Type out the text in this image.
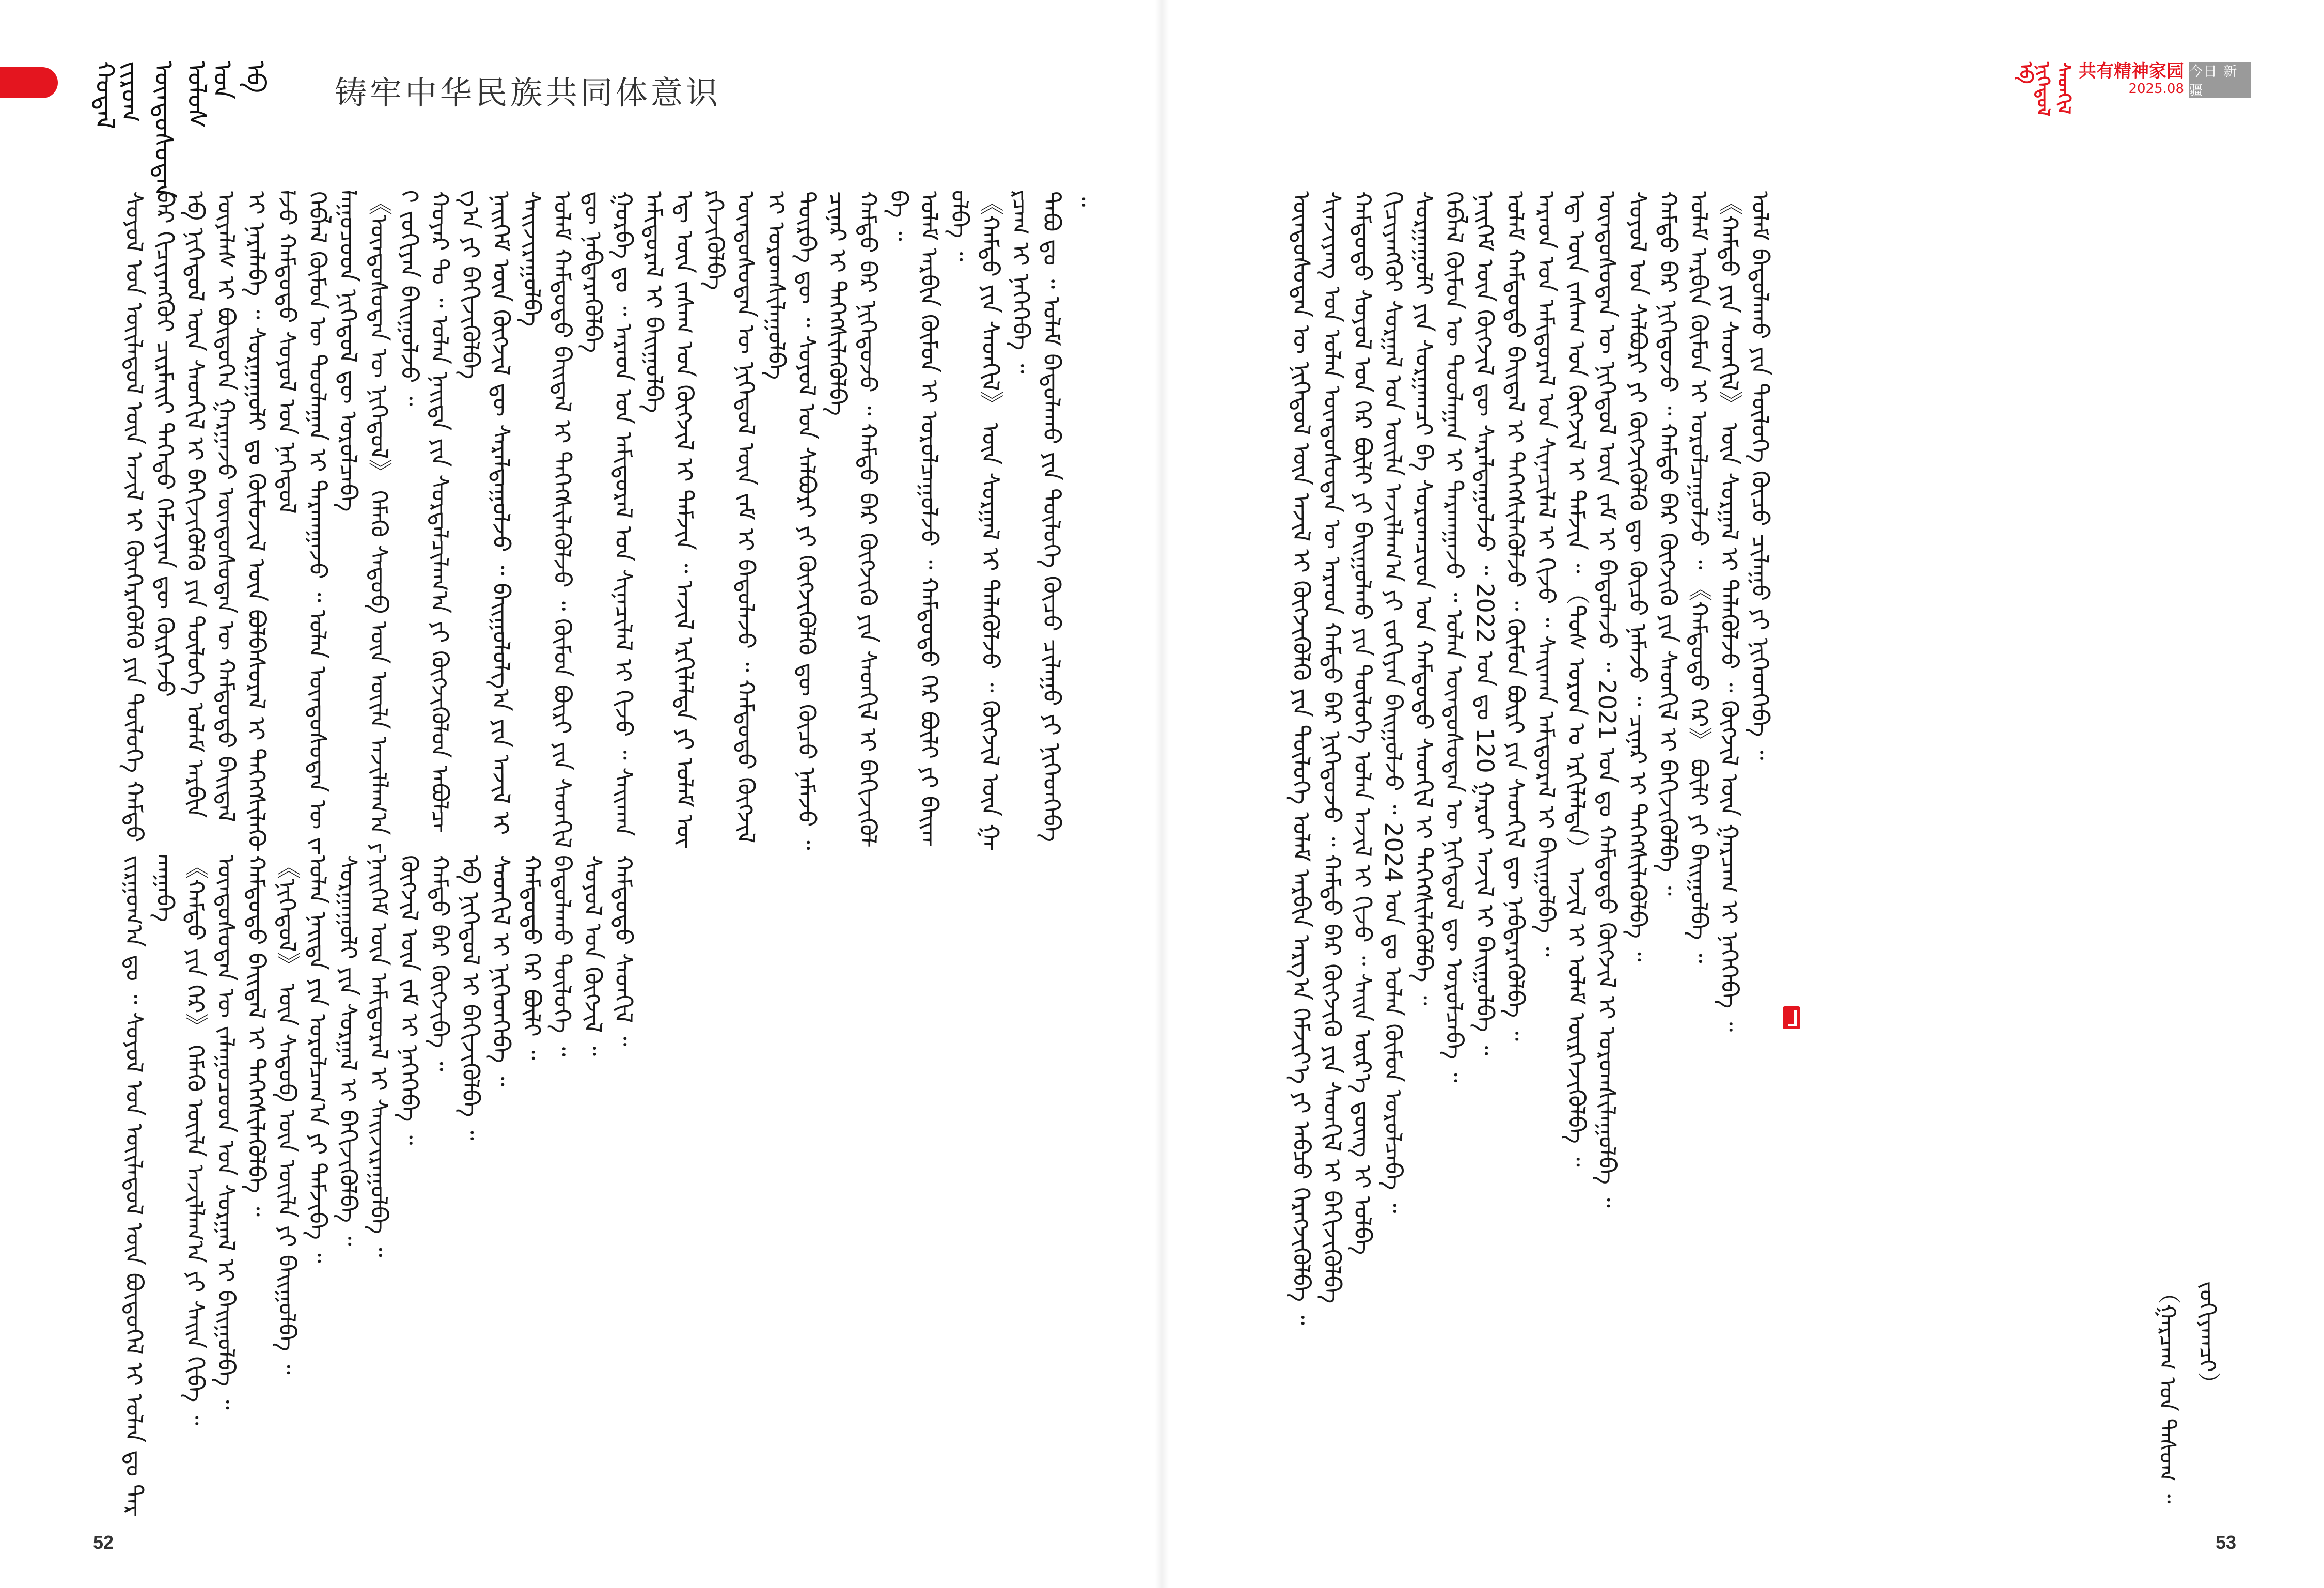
ᠬᠤᠳᠠᠯ ᠵᠢᠷᠤᠭ ᠦᠨᠳᠦᠰᠦᠲᠡᠨ ᠤᠯᠤᠰ ᠤᠨ ᠡᠪ 铸牢中华民族共同体意识
ᠡᠪ ᠨᠢᠭᠡᠳᠦᠯ ᠰᠡᠳᠬᠢᠯ 共有精神家园
2025.08
今日 新疆
ᠰᠤᠶᠤᠯ ᠤᠨ ᠦᠢᠯᠡᠳᠦᠯ ᠦᠨ ᠠᠵᠢᠯ ᠢ ᠭᠦᠨᠭᠡᠷᠡᠭᠦᠯᠬᠦ ᠶᠢᠨ ᠲᠥᠯᠥᠭᠡ ᠬᠠᠮᠲᠤ ᠪᠠᠷ ᠬᠢᠴᠢᠶᠡᠩᠭᠦᠢ ᠴᠢᠷᠮᠠᠢᠢ ᠳᠡᠭᠡᠳᠦ ᠬᠡᠮᠵᠢᠶᠡᠨ ᠳᠦ ᠬᠦᠷᠭᠡᠵᠦ ᠡᠪ ᠨᠢᠭᠡᠳᠦᠯ ᠦᠨ ᠰᠡᠳᠬᠢᠯ ᠢ ᠪᠡᠬᠢᠵᠢᠭᠦᠯᠬᠦ ᠶᠢᠨ ᠲᠥᠯᠥᠭᠡ ᠤᠯᠠᠮ ᠠᠷᠪᠢᠨ ᠦᠶᠡᠯᠡᠰ ᠢ ᠪᠦᠲᠦᠭᠡᠨ ᠭᠠᠷᠭᠠᠵᠤ ᠦᠨᠳᠦᠰᠦᠲᠡᠨ ᠦ ᠬᠠᠮᠲᠤᠳᠤ ᠪᠠᠢᠳᠠᠯ ᠢ ᠨᠡᠷᠡᠯᠡᠪᠡ ᠃ ᠰᠤᠷᠭᠠᠭᠤᠯᠢ ᠳᠤ ᠬᠦᠮᠦᠵᠢᠯ ᠦᠨ ᠪᠣᠯᠪᠠᠰᠤᠷᠠᠯ ᠢ ᠳᠡᠭᠡᠭᠰᠢᠯᠡᠭᠦᠯᠵᠦ ᠬᠠᠮᠲᠤᠳᠤ ᠰᠣᠶᠣᠯ ᠤᠨ ᠨᠡᠭᠡᠳᠦᠯ ᠬᠡᠪᠯᠡᠯ ᠬᠦᠮᠦᠨ ᠦ ᠳᠤᠤᠯᠠᠭᠠᠨ ᠢ ᠲᠠᠷᠬᠠᠭᠠᠵᠤ ᠃ ᠣᠯᠠᠨ ᠦᠨᠳᠦᠰᠦᠲᠡᠨ ᠦ ᠵᠠᠯᠠᠭᠤᠴᠤᠳ ᠨᠢᠭᠡᠳᠦᠯ ᠳᠦ ᠣᠷᠣᠯᠴᠠᠪᠠ 《ᠦᠨᠳᠦᠰᠦᠲᠡᠨ ᠦ ᠨᠢᠭᠡᠳᠦᠯ》 ᠬᠡᠮᠡᠬᠦ ᠰᠡᠳᠦᠪ ᠦᠨ ᠦᠢᠯᠡ ᠠᠵᠢᠯᠯᠠᠭ᠎ᠠ ᠶᠢ ᠵᠣᠬᠢᠶᠠᠨ ᠪᠠᠢᠭᠤᠯᠵᠤ ᠃ ᠬᠣᠶᠠᠷ ᠲᠤ ᠃ ᠣᠯᠠᠨ ᠨᠡᠢᠲᠡ ᠶᠢᠨ ᠰᠤᠷᠲᠠᠯᠴᠢᠯᠠᠭ᠎ᠠ ᠶᠢ ᠬᠥᠭᠵᠢᠭᠦᠯᠦᠨ ᠠᠪᠤᠯᠴᠠᠭ᠎ᠠ ᠶᠢ ᠪᠡᠬᠢᠵᠢᠭᠦᠯᠪᠡ ᠨᠡᠢᠭᠡᠮ ᠦᠨ ᠬᠥᠭᠵᠢᠯ ᠳᠦ ᠰᠠᠷᠠᠯᠳᠠᠭᠤᠯᠵᠤ ᠃ ᠪᠠᠢᠭᠤᠯᠤᠯᠭ᠎ᠠ ᠶᠢᠨ ᠠᠵᠢᠯ ᠢ ᠰᠠᠢᠵᠢᠷᠠᠭᠤᠯᠪᠠ ᠤᠯᠠᠮ ᠬᠠᠮᠲᠤᠳᠤ ᠪᠠᠢᠳᠠᠯ ᠢ ᠳᠡᠭᠡᠭᠰᠢᠯᠡᠭᠦᠯᠵᠦ ᠃ ᠬᠦᠮᠦᠨ ᠪᠦᠷᠢ ᠶᠢᠨ ᠰᠡᠳᠬᠢᠯ ᠳᠦ ᠨᠡᠪᠲᠡᠷᠡᠭᠦᠯᠪᠡ ᠭᠤᠷᠪᠠ ᠳᠤ ᠃ ᠠᠷᠠᠳ ᠤᠨ ᠠᠮᠢᠳᠤᠷᠠᠯ ᠤᠨ ᠰᠢᠨᠡᠴᠢᠯᠡᠯ ᠢ ᠬᠢᠵᠦ ᠃ ᠰᠠᠢᠬᠠᠨ ᠠᠮᠢᠳᠤᠷᠠᠯ ᠢ ᠪᠠᠢᠭᠤᠯᠪᠠ ᠡᠳ᠋ ᠦᠨ ᠵᠠᠰᠠᠭ ᠤᠨ ᠬᠥᠭᠵᠢᠯ ᠢ ᠳᠡᠮᠵᠢᠨ ᠃ ᠠᠵᠢᠯ ᠡᠷᠬᠢᠯᠡᠯᠲᠡ ᠶᠢ ᠤᠯᠠᠮ ᠥᠷᠭᠡᠵᠢᠭᠦᠯᠪᠡ ᠦᠨᠳᠦᠰᠦᠲᠡᠨ ᠦ ᠨᠢᠭᠡᠳᠦᠯ ᠦᠨ ᠵᠠᠮ ᠢ ᠪᠠᠲᠤᠯᠠᠵᠤ ᠃ ᠬᠠᠮᠲᠤᠳᠤ ᠬᠥᠭᠵᠢᠯ ᠢ ᠤᠷᠤᠭᠰᠢᠯᠠᠭᠤᠯᠪᠠ ᠳᠥᠷᠪᠡ ᠳᠦ ᠃ ᠰᠣᠶᠣᠯ ᠤᠨ ᠰᠠᠯᠪᠤᠷᠢ ᠶᠢ ᠬᠥᠭᠵᠢᠭᠦᠯᠬᠦ ᠳᠦ ᠬᠦᠴᠦ ᠨᠡᠮᠡᠵᠦ ᠃ ᠴᠢᠨᠠᠷ ᠢ ᠳᠡᠭᠡᠭᠰᠢᠯᠡᠭᠦᠯᠪᠡ ᠬᠠᠮᠲᠤ ᠪᠠᠷ ᠨᠢᠭᠡᠳᠦᠵᠦ ᠃ ᠬᠠᠮᠲᠤ ᠪᠠᠷ ᠬᠥᠭᠵᠢᠬᠦ ᠶᠢᠨ ᠰᠡᠳᠬᠢᠯ ᠢ ᠪᠡᠬᠢᠵᠢᠭᠦᠯᠪᠡ ᠃ ᠤᠯᠠᠮ ᠠᠷᠪᠢᠨ ᠬᠦᠮᠦᠨ ᠢ ᠣᠷᠣᠯᠴᠠᠭᠤᠯᠵᠤ ᠃ ᠬᠠᠮᠲᠤᠳᠤ ᠭᠡᠷ ᠪᠦᠯᠢ ᠶᠢ ᠪᠠᠢᠭᠤᠯᠪᠠ ᠃ 《ᠬᠠᠮᠲᠤ ᠶᠢᠨ ᠰᠡᠳᠬᠢᠯ》 ᠦᠨ ᠰᠤᠷᠭᠠᠯ ᠢ ᠲᠡᠯᠡᠭᠦᠯᠵᠦ ᠃ ᠬᠥᠭᠵᠢᠯ ᠦᠨ ᠭᠠᠷᠴᠠᠭ ᠢ ᠨᠡᠭᠡᠭᠡᠪᠡ ᠃ ᠲᠠᠪᠤ ᠳᠤ ᠃ ᠤᠯᠠᠮ ᠪᠠᠲᠤᠯᠠᠬᠤ ᠶᠢᠨ ᠲᠥᠯᠥᠭᠡ ᠬᠦᠴᠦ ᠴᠢᠯᠠᠭᠤ ᠶᠢ ᠨᠢᠭᠡᠳᠭᠡᠪᠡ ᠃
ᠵᠢᠷᠭᠤᠭ᠎ᠠ ᠳᠤ ᠃ ᠰᠣᠶᠣᠯ ᠤᠨ ᠦᠢᠯᠡᠳᠦᠯ ᠦᠨ ᠪᠦᠲᠦᠭᠡᠯ ᠢ ᠣᠯᠠᠨ ᠳᠤ ᠲᠠᠷᠬᠠᠭᠠᠪᠠ 《ᠬᠠᠮᠲᠤ ᠶᠢᠨ ᠭᠡᠷ》 ᠬᠡᠮᠡᠬᠦ ᠦᠢᠯᠡ ᠠᠵᠢᠯᠯᠠᠭ᠎ᠠ ᠶᠢ ᠰᠠᠢᠨ ᠬᠢᠪᠡ ᠃ ᠦᠨᠳᠦᠰᠦᠲᠡᠨ ᠦ ᠵᠠᠯᠠᠭᠤᠴᠤᠳ ᠤᠨ ᠰᠤᠷᠭᠠᠯ ᠢ ᠪᠠᠢᠭᠤᠯᠪᠠ ᠃ ᠬᠠᠮᠲᠤᠳᠤ ᠪᠠᠢᠳᠠᠯ ᠢ ᠳᠡᠭᠡᠭᠰᠢᠯᠡᠭᠦᠯᠪᠡ ᠃ 《ᠨᠢᠭᠡᠳᠦᠯ》 ᠦᠨ ᠰᠡᠳᠦᠪ ᠦᠨ ᠦᠢᠯᠡ ᠶᠢ ᠪᠠᠢᠭᠤᠯᠪᠠ ᠃ ᠣᠯᠠᠨ ᠨᠡᠢᠲᠡ ᠶᠢᠨ ᠣᠷᠣᠯᠴᠠᠭ᠎ᠠ ᠶᠢ ᠳᠡᠮᠵᠢᠪᠡ ᠃ ᠰᠤᠷᠭᠠᠭᠤᠯᠢ ᠶᠢᠨ ᠰᠤᠷᠭᠠᠯ ᠢ ᠪᠡᠬᠢᠵᠢᠭᠦᠯᠪᠡ ᠃ ᠨᠡᠢᠭᠡᠮ ᠦᠨ ᠠᠮᠢᠳᠤᠷᠠᠯ ᠢ ᠰᠠᠢᠵᠢᠷᠠᠭᠤᠯᠪᠠ ᠃ ᠬᠥᠭᠵᠢᠯ ᠦᠨ ᠵᠠᠮ ᠢ ᠨᠡᠭᠡᠭᠡᠪᠡ ᠃ ᠬᠠᠮᠲᠤ ᠪᠠᠷ ᠬᠥᠭᠵᠢᠪᠡ ᠃ ᠡᠪ ᠨᠢᠭᠡᠳᠦᠯ ᠢ ᠪᠡᠬᠢᠵᠢᠭᠦᠯᠪᠡ ᠃ ᠰᠡᠳᠬᠢᠯ ᠢ ᠨᠢᠭᠡᠳᠭᠡᠪᠡ ᠃ ᠬᠠᠮᠲᠤᠳᠤ ᠭᠡᠷ ᠪᠦᠯᠢ ᠃ ᠪᠠᠲᠤᠯᠠᠬᠤ ᠲᠥᠯᠥᠭᠡ ᠃ ᠰᠣᠶᠣᠯ ᠤᠨ ᠬᠥᠭᠵᠢᠯ ᠃ ᠬᠠᠮᠲᠤᠳᠤ ᠰᠡᠳᠬᠢᠯ ᠃	ᠦᠨᠳᠦᠰᠦᠲᠡᠨ ᠦ ᠨᠢᠭᠡᠳᠦᠯ ᠦᠨ ᠠᠵᠢᠯ ᠢ ᠬᠦᠭᠵᠢᠭᠦᠯᠬᠦ ᠶᠢᠨ ᠲᠥᠯᠥᠭᠡ ᠤᠯᠠᠮ ᠠᠷᠪᠢᠨ ᠠᠷᠭ᠎ᠠ ᠬᠡᠮᠵᠢᠶ᠎ᠡ ᠶᠢ ᠠᠪᠴᠤ ᠬᠡᠷᠡᠭᠵᠢᠭᠦᠯᠪᠡ ᠃ ᠰᠢᠨᠵᠢᠶᠠᠩ ᠤᠨ ᠣᠯᠠᠨ ᠦᠨᠳᠦᠰᠦᠲᠡᠨ ᠦ ᠠᠷᠠᠳ ᠬᠠᠮᠲᠤ ᠪᠠᠷ ᠨᠢᠭᠡᠳᠦᠵᠦ ᠃ ᠬᠠᠮᠲᠤ ᠪᠠᠷ ᠬᠥᠭᠵᠢᠬᠦ ᠶᠢᠨ ᠰᠡᠳᠬᠢᠯ ᠢ ᠪᠡᠬᠢᠵᠢᠭᠦᠯᠪᠡ ᠬᠠᠮᠲᠤᠳᠤ ᠰᠣᠶᠣᠯ ᠤᠨ ᠭᠡᠷ ᠪᠦᠯᠢ ᠶᠢ ᠪᠠᠢᠭᠤᠯᠬᠤ ᠶᠢᠨ ᠲᠥᠯᠥᠭᠡ ᠣᠯᠠᠨ ᠠᠵᠢᠯ ᠢ ᠬᠢᠵᠦ ᠃ ᠰᠠᠢᠨ ᠦᠷ᠎ᠡ ᠳ᠋ᠦᠩ ᠢ ᠣᠯᠪᠠ ᠬᠢᠴᠢᠶᠡᠩᠭᠦᠢ ᠰᠤᠷᠭᠠᠯ ᠤᠨ ᠦᠢᠯᠡ ᠠᠵᠢᠯᠯᠠᠭ᠎ᠠ ᠶᠢ ᠵᠣᠬᠢᠶᠠᠨ ᠪᠠᠢᠭᠤᠯᠵᠤ ᠃ 2024 ᠣᠨ ᠳᠤ ᠣᠯᠠᠨ ᠬᠦᠮᠦᠨ ᠣᠷᠣᠯᠴᠠᠪᠠ ᠃ ᠰᠤᠷᠭᠠᠭᠤᠯᠢ ᠶᠢᠨ ᠰᠤᠷᠭᠠᠭᠴᠢ ᠪᠠ ᠰᠤᠷᠤᠭᠴᠢᠳ ᠤᠨ ᠬᠠᠮᠲᠤᠳᠤ ᠰᠡᠳᠬᠢᠯ ᠢ ᠳᠡᠭᠡᠭᠰᠢᠯᠡᠭᠦᠯᠪᠡ ᠃ ᠬᠡᠪᠯᠡᠯ ᠬᠦᠮᠦᠨ ᠦ ᠳᠤᠤᠯᠠᠭᠠᠨ ᠢ ᠲᠠᠷᠬᠠᠭᠠᠵᠤ ᠃ ᠣᠯᠠᠨ ᠦᠨᠳᠦᠰᠦᠲᠡᠨ ᠦ ᠨᠢᠭᠡᠳᠦᠯ ᠳᠦ ᠣᠷᠣᠯᠴᠠᠪᠠ ᠃ ᠨᠡᠢᠭᠡᠮ ᠦᠨ ᠬᠥᠭᠵᠢᠯ ᠳᠦ ᠰᠠᠷᠠᠯᠳᠠᠭᠤᠯᠵᠤ ᠃ 2022 ᠣᠨ ᠳᠤ 120 ᠭᠠᠷᠤᠢ ᠠᠵᠢᠯ ᠢ ᠪᠠᠢᠭᠤᠯᠪᠠ ᠃ ᠤᠯᠠᠮ ᠬᠠᠮᠲᠤᠳᠤ ᠪᠠᠢᠳᠠᠯ ᠢ ᠳᠡᠭᠡᠭᠰᠢᠯᠡᠭᠦᠯᠵᠦ ᠃ ᠬᠦᠮᠦᠨ ᠪᠦᠷᠢ ᠶᠢᠨ ᠰᠡᠳᠬᠢᠯ ᠳᠦ ᠨᠡᠪᠲᠡᠷᠡᠭᠦᠯᠪᠡ ᠃ ᠠᠷᠠᠳ ᠤᠨ ᠠᠮᠢᠳᠤᠷᠠᠯ ᠤᠨ ᠰᠢᠨᠡᠴᠢᠯᠡᠯ ᠢ ᠬᠢᠵᠦ ᠃ ᠰᠠᠢᠬᠠᠨ ᠠᠮᠢᠳᠤᠷᠠᠯ ᠢ ᠪᠠᠢᠭᠤᠯᠪᠠ ᠃ ᠡᠳ᠋ ᠦᠨ ᠵᠠᠰᠠᠭ ᠤᠨ ᠬᠥᠭᠵᠢᠯ ᠢ ᠳᠡᠮᠵᠢᠨ ᠃ （ᠲᠤᠰ ᠣᠷᠣᠨ ᠤ ᠡᠷᠬᠢᠯᠡᠯᠲᠡ） ᠠᠵᠢᠯ ᠢ ᠤᠯᠠᠮ ᠥᠷᠭᠡᠵᠢᠭᠦᠯᠪᠡ ᠃ ᠦᠨᠳᠦᠰᠦᠲᠡᠨ ᠦ ᠨᠢᠭᠡᠳᠦᠯ ᠦᠨ ᠵᠠᠮ ᠢ ᠪᠠᠲᠤᠯᠠᠵᠤ ᠃ 2021 ᠣᠨ ᠳᠤ ᠬᠠᠮᠲᠤᠳᠤ ᠬᠥᠭᠵᠢᠯ ᠢ ᠤᠷᠤᠭᠰᠢᠯᠠᠭᠤᠯᠪᠠ ᠃ ᠰᠣᠶᠣᠯ ᠤᠨ ᠰᠠᠯᠪᠤᠷᠢ ᠶᠢ ᠬᠥᠭᠵᠢᠭᠦᠯᠬᠦ ᠳᠦ ᠬᠦᠴᠦ ᠨᠡᠮᠡᠵᠦ ᠃ ᠴᠢᠨᠠᠷ ᠢ ᠳᠡᠭᠡᠭᠰᠢᠯᠡᠭᠦᠯᠪᠡ ᠃ ᠬᠠᠮᠲᠤ ᠪᠠᠷ ᠨᠢᠭᠡᠳᠦᠵᠦ ᠃ ᠬᠠᠮᠲᠤ ᠪᠠᠷ ᠬᠥᠭᠵᠢᠬᠦ ᠶᠢᠨ ᠰᠡᠳᠬᠢᠯ ᠢ ᠪᠡᠬᠢᠵᠢᠭᠦᠯᠪᠡ ᠃ ᠤᠯᠠᠮ ᠠᠷᠪᠢᠨ ᠬᠦᠮᠦᠨ ᠢ ᠣᠷᠣᠯᠴᠠᠭᠤᠯᠵᠤ ᠃ 《ᠬᠠᠮᠲᠤᠳᠤ ᠭᠡᠷ》 ᠪᠦᠯᠢ ᠶᠢ ᠪᠠᠢᠭᠤᠯᠪᠠ ᠃ 《ᠬᠠᠮᠲᠤ ᠶᠢᠨ ᠰᠡᠳᠬᠢᠯ》 ᠦᠨ ᠰᠤᠷᠭᠠᠯ ᠢ ᠲᠡᠯᠡᠭᠦᠯᠵᠦ ᠃ ᠬᠥᠭᠵᠢᠯ ᠦᠨ ᠭᠠᠷᠴᠠᠭ ᠢ ᠨᠡᠭᠡᠭᠡᠪᠡ ᠃ ᠤᠯᠠᠮ ᠪᠠᠲᠤᠯᠠᠬᠤ ᠶᠢᠨ ᠲᠥᠯᠥᠭᠡ ᠬᠦᠴᠦ ᠴᠢᠯᠠᠭᠤ ᠶᠢ ᠨᠢᠭᠡᠳᠭᠡᠪᠡ ᠃
（ᠭᠠᠷᠴᠠᠭ ᠤᠨ ᠲᠠᠰᠤᠭ ᠃ ᠵᠣᠬᠢᠶᠠᠭᠴᠢ）
52	53
